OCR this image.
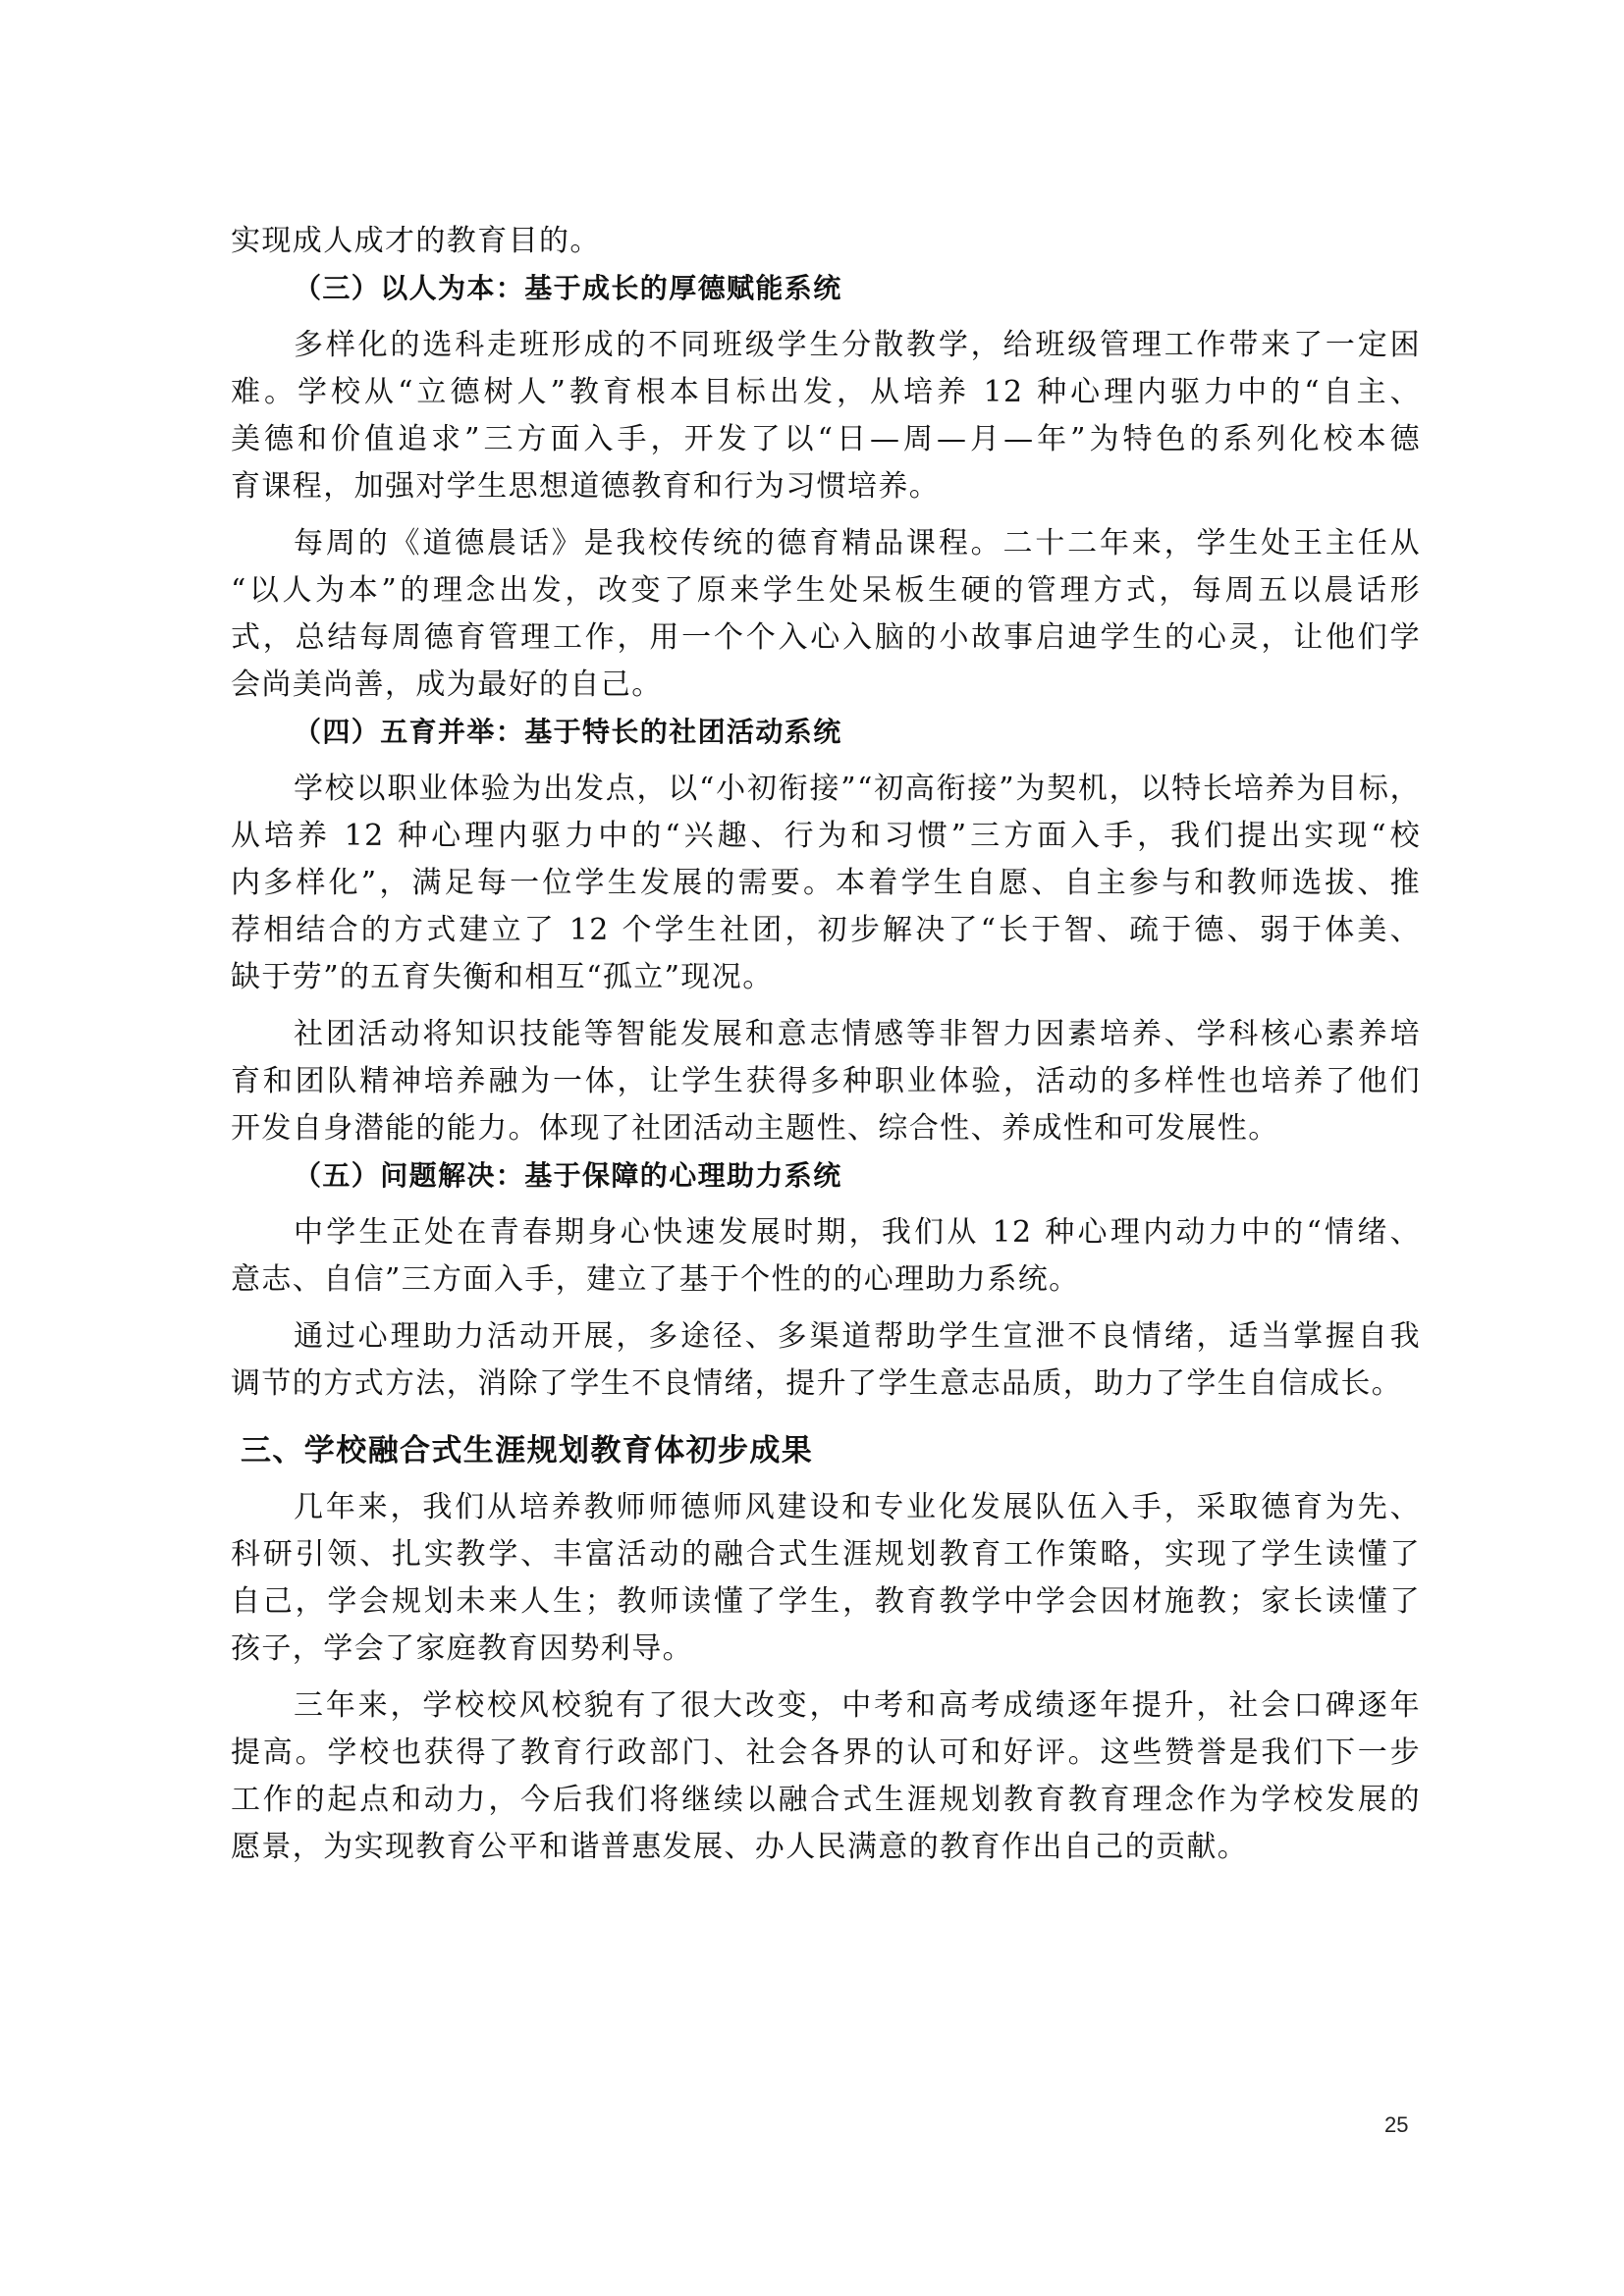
实现成人成才的教育目的。
（三）以人为本：基于成长的厚德赋能系统
多样化的选科走班形成的不同班级学生分散教学，给班级管理工作带来了一定困
难。学校从“立德树人”教育根本目标出发，从培养 12 种心理内驱力中的“自主、
美德和价值追求”三方面入手，开发了以“日—周—月—年”为特色的系列化校本德
育课程，加强对学生思想道德教育和行为习惯培养。
每周的《道德晨话》是我校传统的德育精品课程。二十二年来，学生处王主任从
“以人为本”的理念出发，改变了原来学生处呆板生硬的管理方式，每周五以晨话形
式，总结每周德育管理工作，用一个个入心入脑的小故事启迪学生的心灵，让他们学
会尚美尚善，成为最好的自己。
（四）五育并举：基于特长的社团活动系统
学校以职业体验为出发点，以“小初衔接”“初高衔接”为契机，以特长培养为目标，
从培养 12 种心理内驱力中的“兴趣、行为和习惯”三方面入手，我们提出实现“校
内多样化”，满足每一位学生发展的需要。本着学生自愿、自主参与和教师选拔、推
荐相结合的方式建立了 12 个学生社团，初步解决了“长于智、疏于德、弱于体美、
缺于劳”的五育失衡和相互“孤立”现况。
社团活动将知识技能等智能发展和意志情感等非智力因素培养、学科核心素养培
育和团队精神培养融为一体，让学生获得多种职业体验，活动的多样性也培养了他们
开发自身潜能的能力。体现了社团活动主题性、综合性、养成性和可发展性。
（五）问题解决：基于保障的心理助力系统
中学生正处在青春期身心快速发展时期，我们从 12 种心理内动力中的“情绪、
意志、自信”三方面入手，建立了基于个性的的心理助力系统。
通过心理助力活动开展，多途径、多渠道帮助学生宣泄不良情绪，适当掌握自我
调节的方式方法，消除了学生不良情绪，提升了学生意志品质，助力了学生自信成长。
三、学校融合式生涯规划教育体初步成果
几年来，我们从培养教师师德师风建设和专业化发展队伍入手，采取德育为先、
科研引领、扎实教学、丰富活动的融合式生涯规划教育工作策略，实现了学生读懂了
自己，学会规划未来人生；教师读懂了学生，教育教学中学会因材施教；家长读懂了
孩子，学会了家庭教育因势利导。
三年来，学校校风校貌有了很大改变，中考和高考成绩逐年提升，社会口碑逐年
提高。学校也获得了教育行政部门、社会各界的认可和好评。这些赞誉是我们下一步
工作的起点和动力，今后我们将继续以融合式生涯规划教育教育理念作为学校发展的
愿景，为实现教育公平和谐普惠发展、办人民满意的教育作出自己的贡献。
25
